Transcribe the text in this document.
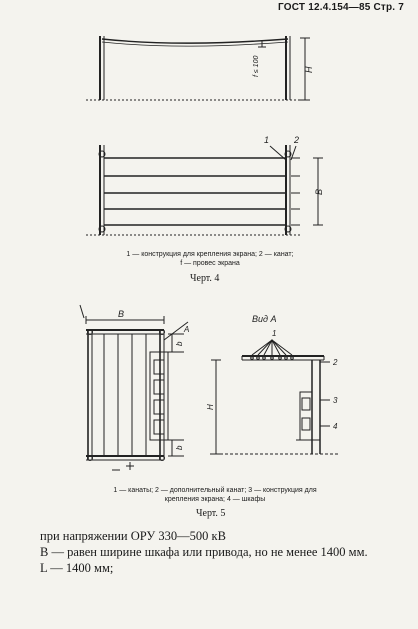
ГОСТ 12.4.154—85 Стр. 7
f ≤ 100	H
1	2
B
B
b
b
Вид А
A
H
1
2
3
4
1 — конструкция для крепления экрана; 2 — канат;
f — провес экрана
Черт. 4
1 — канаты; 2 — дополнительный канат; 3 — конструкция для
крепления экрана; 4 — шкафы
Черт. 5
при напряжении ОРУ 330—500 кВ
B — равен ширине шкафа или привода, но не менее 1400 мм.
L — 1400 мм;
